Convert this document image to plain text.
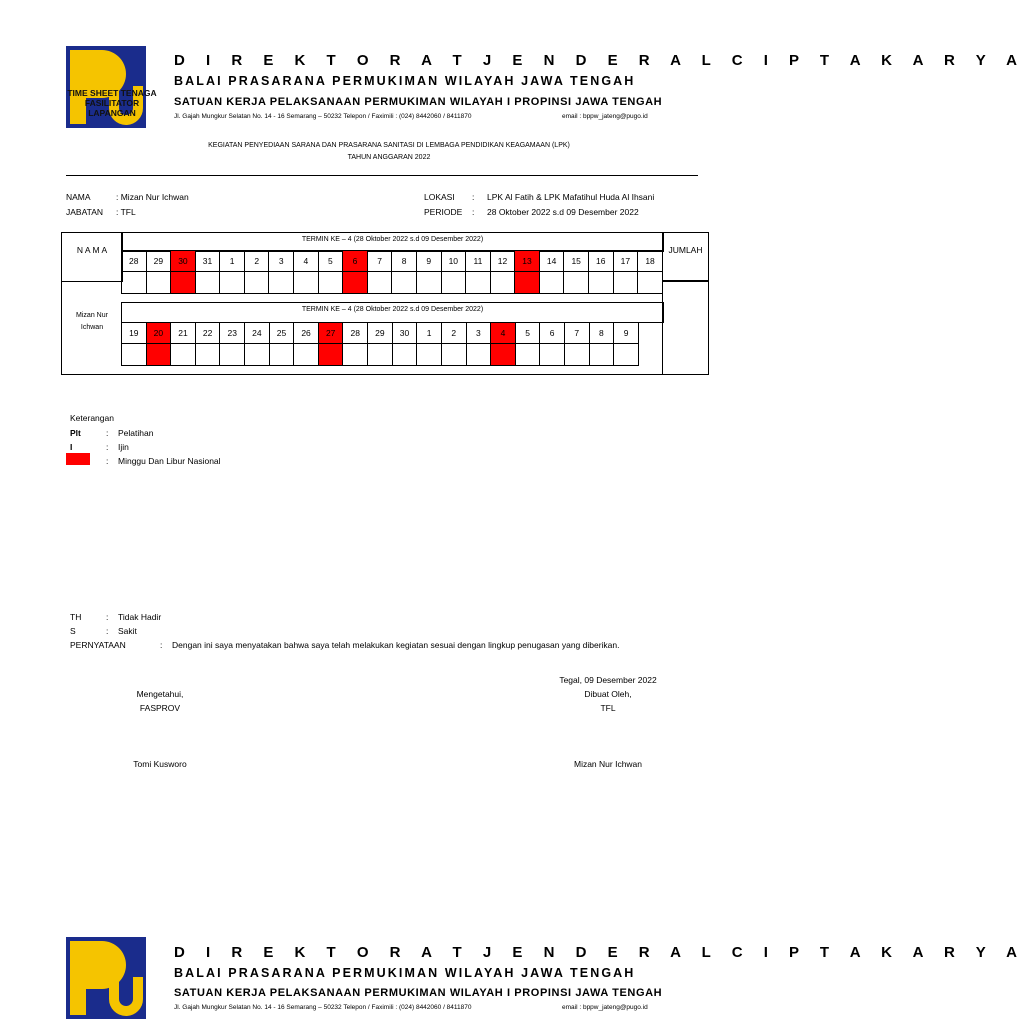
TIME SHEET TENAGA FASILITATOR LAPANGAN
D I R E K T O R A T J E N D E R A L C I P T A K A R Y A
BALAI PRASARANA PERMUKIMAN WILAYAH JAWA TENGAH
SATUAN KERJA PELAKSANAAN PERMUKIMAN WILAYAH I PROPINSI JAWA TENGAH
Jl. Gajah Mungkur Selatan No. 14 - 16 Semarang – 50232 Telepon / Faximili : (024) 8442060 / 8411870	email : bppw_jateng@pugo.id
KEGIATAN PENYEDIAAN SARANA DAN PRASARANA SANITASI DI LEMBAGA PENDIDIKAN KEAGAMAAN (LPK)
TAHUN ANGGARAN 2022
NAMA	: Mizan Nur Ichwan
JABATAN : TFL
LOKASI : LPK Al Fatih & LPK Mafatihul Huda Al Ihsani
PERIODE : 28 Oktober 2022 s.d 09 Desember 2022
N A M A
Mizan Nur Ichwan
JUMLAH
TERMIN KE – 4 (28 Oktober 2022 s.d 09 Desember 2022)
28	29	30	31	1	2	3	4	5	6	7	8	9	10	11	12	13	14	15	16	17	18

TERMIN KE – 4 (28 Oktober 2022 s.d 09 Desember 2022)
19	20	21	22	23	24	25	26	27	28	29	30	1	2	3	4	5	6	7	8	9

Keterangan
Plt	: Pelatihan
I	: Ijin
: Minggu Dan Libur Nasional
TH	: Tidak Hadir
S	: Sakit
PERNYATAAN	: Dengan ini saya menyatakan bahwa saya telah melakukan kegiatan sesuai dengan lingkup penugasan yang diberikan.
Tegal, 09 Desember 2022
Mengetahui,
FASPROV
Dibuat Oleh,
TFL
Tomi Kusworo	Mizan Nur Ichwan
D I R E K T O R A T J E N D E R A L C I P T A K A R Y A
BALAI PRASARANA PERMUKIMAN WILAYAH JAWA TENGAH
SATUAN KERJA PELAKSANAAN PERMUKIMAN WILAYAH I PROPINSI JAWA TENGAH
Jl. Gajah Mungkur Selatan No. 14 - 16 Semarang – 50232 Telepon / Faximili : (024) 8442060 / 8411870	email : bppw_jateng@pugo.id
